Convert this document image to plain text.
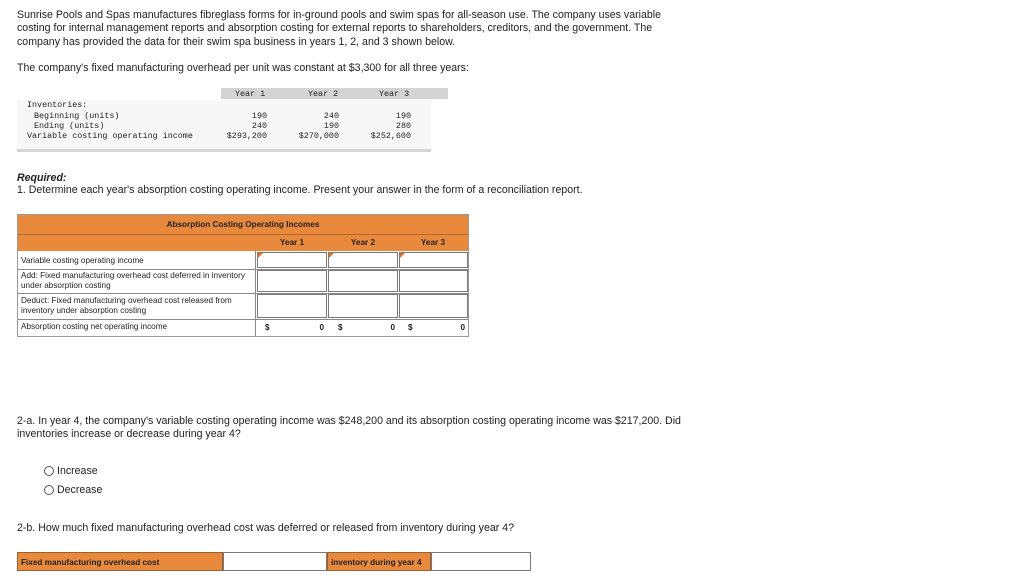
Sunrise Pools and Spas manufactures fibreglass forms for in-ground pools and swim spas for all-season use. The company uses variable costing for internal management reports and absorption costing for external reports to shareholders, creditors, and the government. The company has provided the data for their swim spa business in years 1, 2, and 3 shown below.
The company's fixed manufacturing overhead per unit was constant at $3,300 for all three years:
Year 1	Year 2	Year 3
Inventories:
Beginning (units)	190	240	190
Ending (units)	240	190	280
Variable costing operating income	$293,200	$270,000	$252,600
Required:
1. Determine each year's absorption costing operating income. Present your answer in the form of a reconciliation report.
Absorption Costing Operating Incomes
Year 1	Year 2	Year 3
Variable costing operating income
Add: Fixed manufacturing overhead cost deferred in inventory under absorption costing
Deduct: Fixed manufacturing overhead cost released from inventory under absorption costing
Absorption costing net operating income	$	0 $	0 $	0
2-a. In year 4, the company's variable costing operating income was $248,200 and its absorption costing operating income was $217,200. Did inventories increase or decrease during year 4?
Increase
Decrease
2-b. How much fixed manufacturing overhead cost was deferred or released from inventory during year 4?
Fixed manufacturing overhead cost	inventory during year 4
